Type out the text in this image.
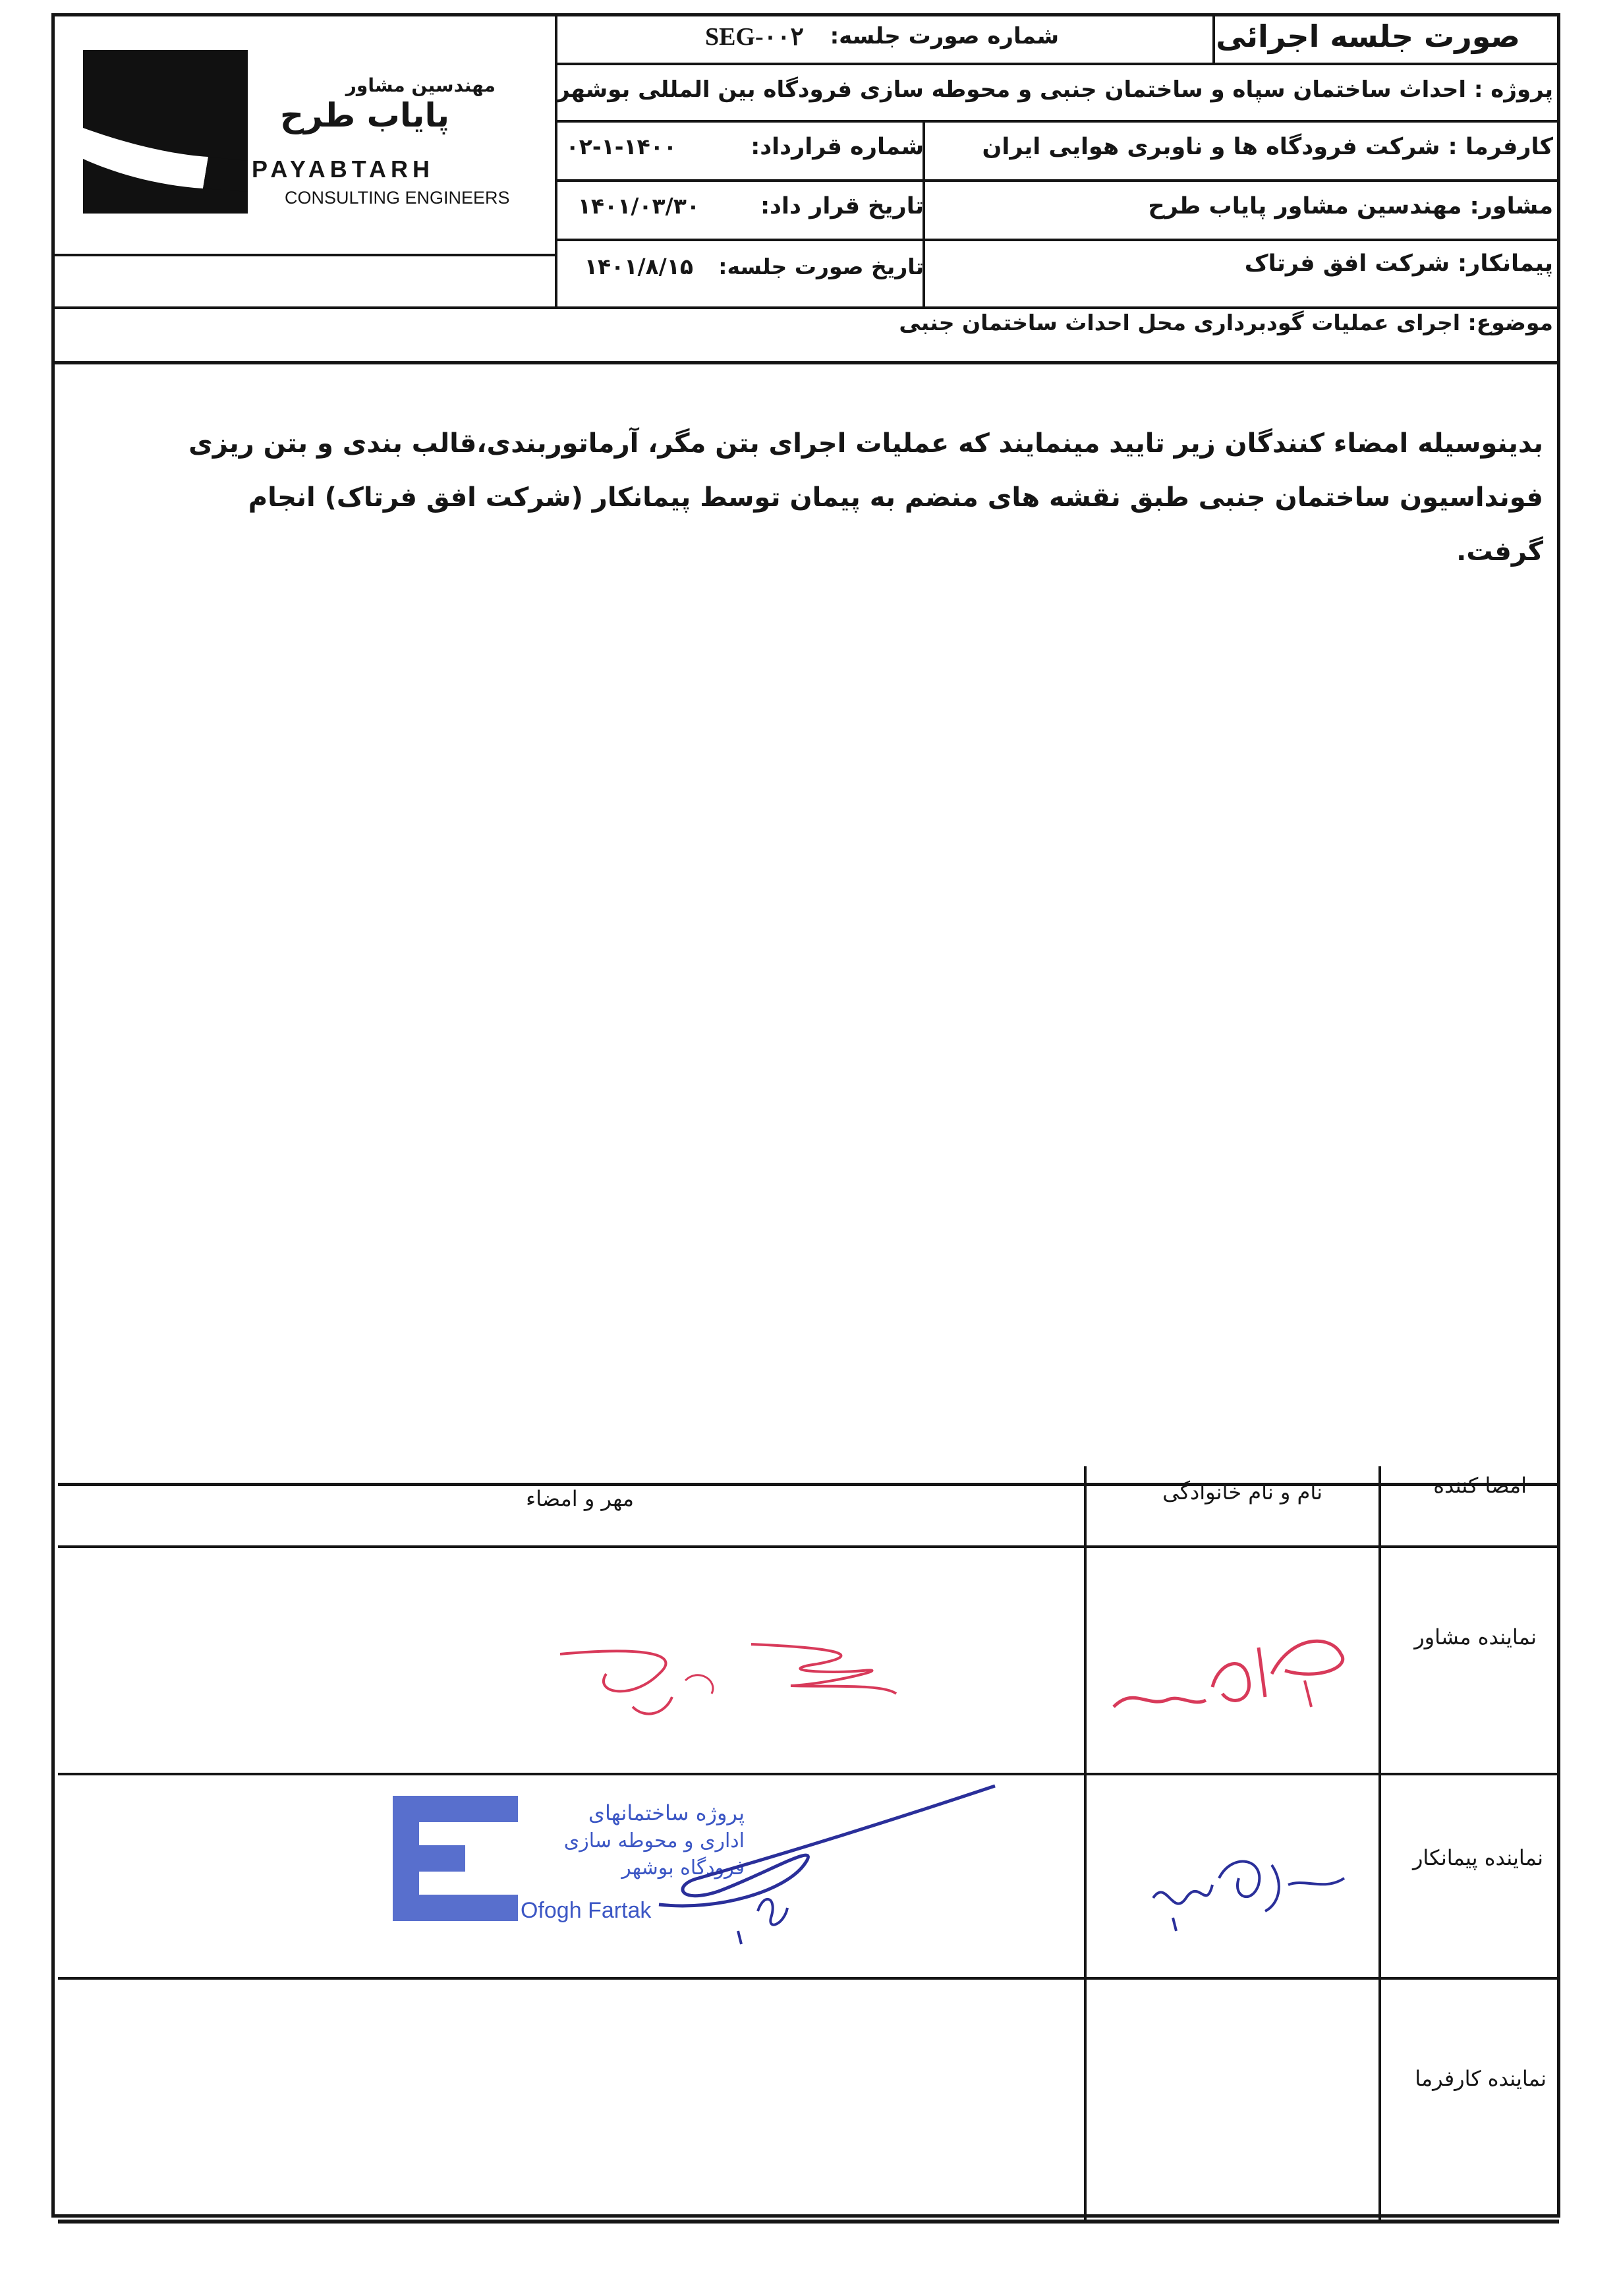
صورت جلسه اجرائی
شماره صورت جلسه:
SEG-۰۰۲
پروژه : احداث ساختمان سپاه و ساختمان جنبی و محوطه سازی فرودگاه بین المللی بوشهر
کارفرما : شرکت فرودگاه ها و ناوبری هوایی ایران
شماره قرارداد:
۰۲-۱-۱۴۰۰
مشاور: مهندسین مشاور پایاب طرح
تاریخ قرار داد:
۱۴۰۱/۰۳/۳۰
پیمانکار: شرکت افق فرتاک
تاریخ صورت جلسه:
۱۴۰۱/۸/۱۵
موضوع: اجرای عملیات گودبرداری محل احداث ساختمان جنبی
مهندسین مشاور
پایاب طرح
PAYABTARH
CONSULTING ENGINEERS
بدینوسیله امضاء کنندگان زیر تایید مینمایند که عملیات اجرای بتن مگر، آرماتوربندی،قالب بندی و بتن ریزی فونداسیون ساختمان جنبی طبق نقشه های منضم به پیمان توسط پیمانکار (شرکت افق فرتاک) انجام گرفت.
امضا کننده
نام و نام خانوادگی
مهر و امضاء
نماینده مشاور
نماینده پیمانکار
نماینده کارفرما
پروژه ساختمانهای
اداری و محوطه سازی
فرودگاه بوشهر
Ofogh Fartak
